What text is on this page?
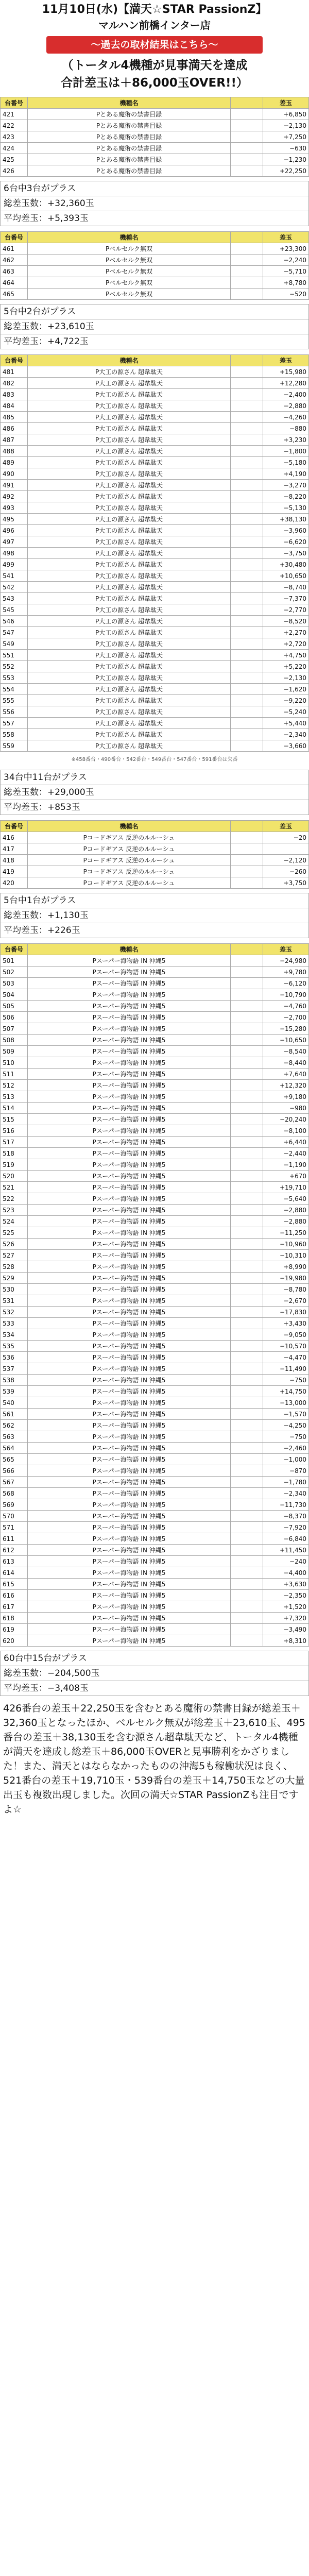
11月10日(水)【満天☆STAR PassionZ】
マルハン前橋インター店
～過去の取材結果はこちら～
（トータル4機種が見事満天を達成
合計差玉は＋86,000玉OVER!!）
台番号	機種名		差玉
421	Pとある魔術の禁書目録		+6,850
422	Pとある魔術の禁書目録		−2,130
423	Pとある魔術の禁書目録		+7,250
424	Pとある魔術の禁書目録		−630
425	Pとある魔術の禁書目録		−1,230
426	Pとある魔術の禁書目録		+22,250
6台中3台がプラス
総差玉数：+32,360玉
平均差玉：+5,393玉
台番号	機種名		差玉
461	Pベルセルク無双		+23,300
462	Pベルセルク無双		−2,240
463	Pベルセルク無双		−5,710
464	Pベルセルク無双		+8,780
465	Pベルセルク無双		−520
5台中2台がプラス
総差玉数：+23,610玉
平均差玉：+4,722玉
台番号	機種名		差玉
481	P大工の源さん 超韋駄天		+15,980
482	P大工の源さん 超韋駄天		+12,280
483	P大工の源さん 超韋駄天		−2,400
484	P大工の源さん 超韋駄天		−2,880
485	P大工の源さん 超韋駄天		−4,260
486	P大工の源さん 超韋駄天		−880
487	P大工の源さん 超韋駄天		+3,230
488	P大工の源さん 超韋駄天		−1,800
489	P大工の源さん 超韋駄天		−5,180
490	P大工の源さん 超韋駄天		+4,190
491	P大工の源さん 超韋駄天		−3,270
492	P大工の源さん 超韋駄天		−8,220
493	P大工の源さん 超韋駄天		−5,130
495	P大工の源さん 超韋駄天		+38,130
496	P大工の源さん 超韋駄天		−3,960
497	P大工の源さん 超韋駄天		−6,620
498	P大工の源さん 超韋駄天		−3,750
499	P大工の源さん 超韋駄天		+30,480
541	P大工の源さん 超韋駄天		+10,650
542	P大工の源さん 超韋駄天		−8,740
543	P大工の源さん 超韋駄天		−7,370
545	P大工の源さん 超韋駄天		−2,770
546	P大工の源さん 超韋駄天		−8,520
547	P大工の源さん 超韋駄天		+2,270
549	P大工の源さん 超韋駄天		+2,720
551	P大工の源さん 超韋駄天		+4,750
552	P大工の源さん 超韋駄天		+5,220
553	P大工の源さん 超韋駄天		−2,130
554	P大工の源さん 超韋駄天		−1,620
555	P大工の源さん 超韋駄天		−9,220
556	P大工の源さん 超韋駄天		−5,240
557	P大工の源さん 超韋駄天		+5,440
558	P大工の源さん 超韋駄天		−2,340
559	P大工の源さん 超韋駄天		−3,660
※458番台・490番台・542番台・549番台・547番台・591番台は欠番
34台中11台がプラス
総差玉数：+29,000玉
平均差玉：+853玉
台番号	機種名		差玉
416	Pコードギアス 反逆のルルーシュ		−20
417	Pコードギアス 反逆のルルーシュ		
418	Pコードギアス 反逆のルルーシュ		−2,120
419	Pコードギアス 反逆のルルーシュ		−260
420	Pコードギアス 反逆のルルーシュ		+3,750
5台中1台がプラス
総差玉数：+1,130玉
平均差玉：+226玉
台番号	機種名		差玉
501	Pスーパー海物語 IN 沖縄5		−24,980
502	Pスーパー海物語 IN 沖縄5		+9,780
503	Pスーパー海物語 IN 沖縄5		−6,120
504	Pスーパー海物語 IN 沖縄5		−10,790
505	Pスーパー海物語 IN 沖縄5		−4,760
506	Pスーパー海物語 IN 沖縄5		−2,700
507	Pスーパー海物語 IN 沖縄5		−15,280
508	Pスーパー海物語 IN 沖縄5		−10,650
509	Pスーパー海物語 IN 沖縄5		−8,540
510	Pスーパー海物語 IN 沖縄5		−8,440
511	Pスーパー海物語 IN 沖縄5		+7,640
512	Pスーパー海物語 IN 沖縄5		+12,320
513	Pスーパー海物語 IN 沖縄5		+9,180
514	Pスーパー海物語 IN 沖縄5		−980
515	Pスーパー海物語 IN 沖縄5		−20,240
516	Pスーパー海物語 IN 沖縄5		−8,100
517	Pスーパー海物語 IN 沖縄5		+6,440
518	Pスーパー海物語 IN 沖縄5		−2,440
519	Pスーパー海物語 IN 沖縄5		−1,190
520	Pスーパー海物語 IN 沖縄5		+670
521	Pスーパー海物語 IN 沖縄5		+19,710
522	Pスーパー海物語 IN 沖縄5		−5,640
523	Pスーパー海物語 IN 沖縄5		−2,880
524	Pスーパー海物語 IN 沖縄5		−2,880
525	Pスーパー海物語 IN 沖縄5		−11,250
526	Pスーパー海物語 IN 沖縄5		−10,960
527	Pスーパー海物語 IN 沖縄5		−10,310
528	Pスーパー海物語 IN 沖縄5		+8,990
529	Pスーパー海物語 IN 沖縄5		−19,980
530	Pスーパー海物語 IN 沖縄5		−8,780
531	Pスーパー海物語 IN 沖縄5		−2,670
532	Pスーパー海物語 IN 沖縄5		−17,830
533	Pスーパー海物語 IN 沖縄5		+3,430
534	Pスーパー海物語 IN 沖縄5		−9,050
535	Pスーパー海物語 IN 沖縄5		−10,570
536	Pスーパー海物語 IN 沖縄5		−4,470
537	Pスーパー海物語 IN 沖縄5		−11,490
538	Pスーパー海物語 IN 沖縄5		−750
539	Pスーパー海物語 IN 沖縄5		+14,750
540	Pスーパー海物語 IN 沖縄5		−13,000
561	Pスーパー海物語 IN 沖縄5		−1,570
562	Pスーパー海物語 IN 沖縄5		−4,250
563	Pスーパー海物語 IN 沖縄5		−750
564	Pスーパー海物語 IN 沖縄5		−2,460
565	Pスーパー海物語 IN 沖縄5		−1,000
566	Pスーパー海物語 IN 沖縄5		−870
567	Pスーパー海物語 IN 沖縄5		−1,780
568	Pスーパー海物語 IN 沖縄5		−2,340
569	Pスーパー海物語 IN 沖縄5		−11,730
570	Pスーパー海物語 IN 沖縄5		−8,370
571	Pスーパー海物語 IN 沖縄5		−7,920
611	Pスーパー海物語 IN 沖縄5		−6,840
612	Pスーパー海物語 IN 沖縄5		+11,450
613	Pスーパー海物語 IN 沖縄5		−240
614	Pスーパー海物語 IN 沖縄5		−4,400
615	Pスーパー海物語 IN 沖縄5		+3,630
616	Pスーパー海物語 IN 沖縄5		−2,350
617	Pスーパー海物語 IN 沖縄5		+1,520
618	Pスーパー海物語 IN 沖縄5		+7,320
619	Pスーパー海物語 IN 沖縄5		−3,490
620	Pスーパー海物語 IN 沖縄5		+8,310
60台中15台がプラス
総差玉数：−204,500玉
平均差玉：−3,408玉
426番台の差玉＋22,250玉を含むとある魔術の禁書目録が総差玉＋32,360玉となったほか、ベルセルク無双が総差玉＋23,610玉、495番台の差玉＋38,130玉を含む源さん超韋駄天など、トータル4機種が満天を達成し総差玉＋86,000玉OVERと見事勝利をかざりました！また、満天とはならなかったものの沖海5も稼働状況は良く、521番台の差玉＋19,710玉・539番台の差玉＋14,750玉などの大量出玉も複数出現しました。次回の満天☆STAR PassionZも注目ですよ☆
